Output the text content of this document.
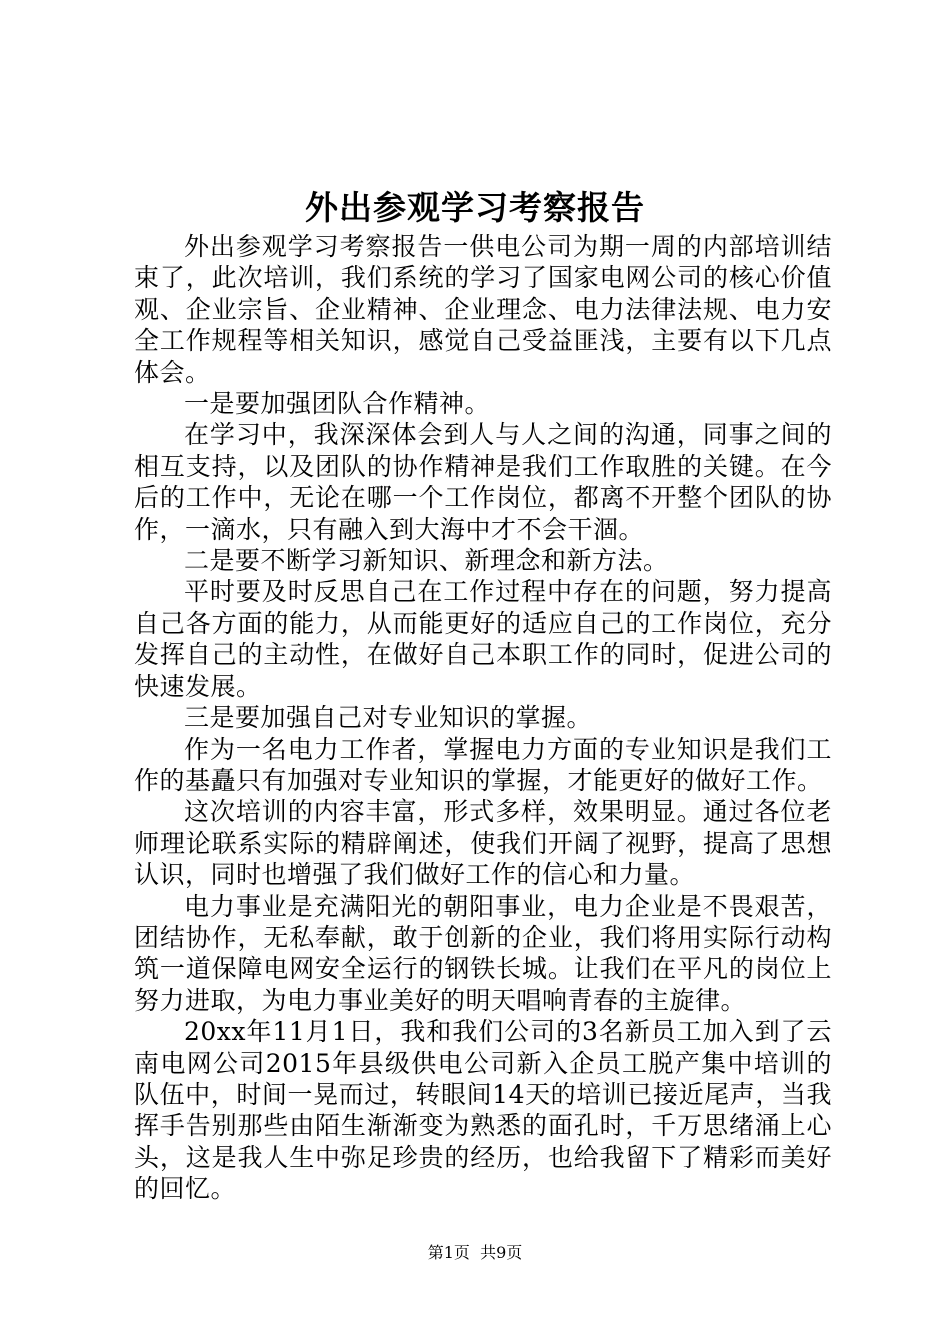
外出参观学习考察报告

外出参观学习考察报告一供电公司为期一周的内部培训结束了，此次培训，我们系统的学习了国家电网公司的核心价值观、企业宗旨、企业精神、企业理念、电力法律法规、电力安全工作规程等相关知识，感觉自己受益匪浅，主要有以下几点体会。

一是要加强团队合作精神。

在学习中，我深深体会到人与人之间的沟通，同事之间的相互支持，以及团队的协作精神是我们工作取胜的关键。在今后的工作中，无论在哪一个工作岗位，都离不开整个团队的协作，一滴水，只有融入到大海中才不会干涸。

二是要不断学习新知识、新理念和新方法。

平时要及时反思自己在工作过程中存在的问题，努力提高自己各方面的能力，从而能更好的适应自己的工作岗位，充分发挥自己的主动性，在做好自己本职工作的同时，促进公司的快速发展。

三是要加强自己对专业知识的掌握。

作为一名电力工作者，掌握电力方面的专业知识是我们工作的基矗只有加强对专业知识的掌握，才能更好的做好工作。

这次培训的内容丰富，形式多样，效果明显。通过各位老师理论联系实际的精辟阐述，使我们开阔了视野，提高了思想认识，同时也增强了我们做好工作的信心和力量。

电力事业是充满阳光的朝阳事业，电力企业是不畏艰苦，团结协作，无私奉献，敢于创新的企业，我们将用实际行动构筑一道保障电网安全运行的钢铁长城。让我们在平凡的岗位上努力进取，为电力事业美好的明天唱响青春的主旋律。

20xx年11月1日，我和我们公司的3名新员工加入到了云南电网公司2015年县级供电公司新入企员工脱产集中培训的队伍中，时间一晃而过，转眼间14天的培训已接近尾声，当我挥手告别那些由陌生渐渐变为熟悉的面孔时，千万思绪涌上心头，这是我人生中弥足珍贵的经历，也给我留下了精彩而美好的回忆。

第1页 共9页
